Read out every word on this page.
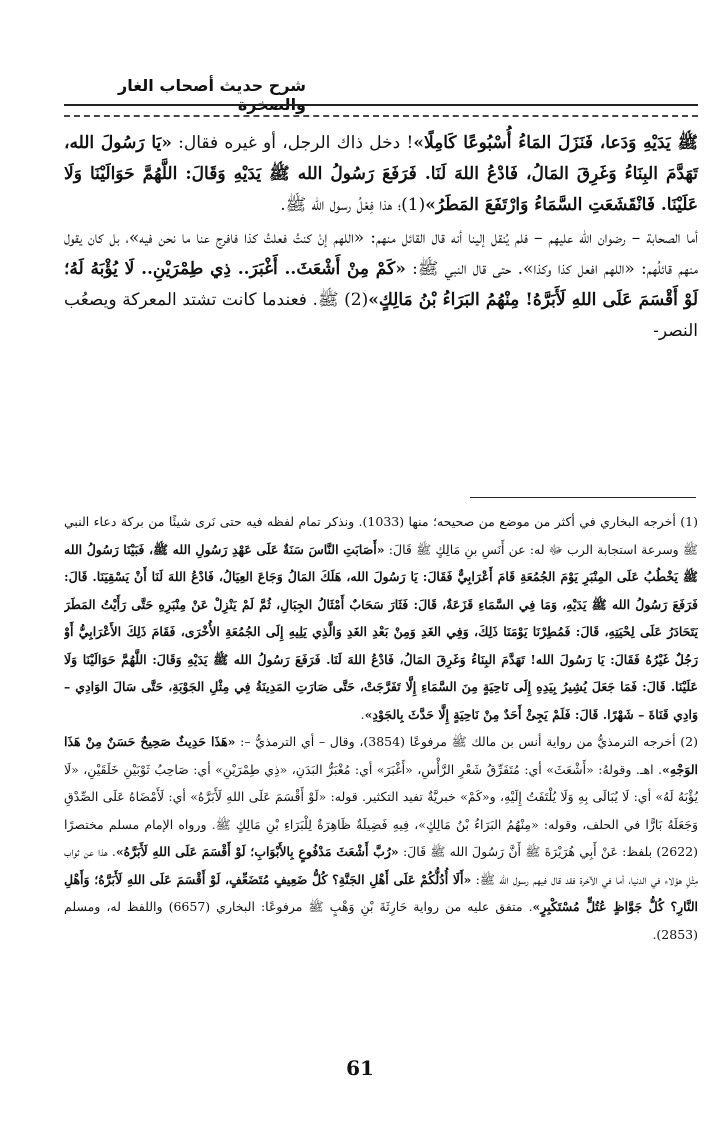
شرح حديث أصحاب الغار والصخرة

ﷺ يَدَيْهِ وَدَعا، فَنَزَلَ المَاءُ أُسْبُوعًا كَامِلًا»! دخل ذاك الرجل، أو غيره فقال: «يَا رَسُولَ الله، تَهَدَّمَ البِنَاءُ وَغَرِقَ المَالُ، فَادْعُ اللهَ لَنَا. فَرَفَعَ رَسُولُ الله ﷺ يَدَيْهِ وَقَالَ: اللَّهُمَّ حَوَالَيْنَا وَلَا عَلَيْنَا. فَانْقَشَعَتِ السَّمَاءُ وَارْتَفَعَ المَطَرُ»(1)؛ هذا فِعْلُ رسول الله ﷺ.

أما الصحابة – رضوان الله عليهم – فلم يُنقل إلينا أنه قال القائل منهم: «اللهم إنْ كنتُ فعلتُ كذا فافرج عنا ما نحن فيه»، بل كان يقول منهم قائلُهم: «اللهم افعل كذا وكذا». حتى قال النبي ﷺ: «كَمْ مِنْ أَشْعَثَ.. أَغْبَرَ.. ذِي طِمْرَيْنِ.. لَا يُؤْبَهُ لَهُ؛ لَوْ أَقْسَمَ عَلَى اللهِ لَأَبَرَّهُ! مِنْهُمُ البَرَاءُ بْنُ مَالِكٍ»(2) ﷺ. فعندما كانت تشتد المعركة ويصعُب النصر-

(1) أخرجه البخاري في أكثر من موضع من صحيحه؛ منها (1033). ونذكر تمام لفظه فيه حتى نَرى شيئًا من بركة دعاء النبي ﷺ وسرعة استجابة الرب ﷻ له: عن أَنَسِ بنِ مَالِكٍ ﷺ قَالَ: «أَصَابَتِ النَّاسَ سَنَةٌ عَلَى عَهْدِ رَسُولِ الله ﷺ، فَبَيْنَا رَسُولُ الله ﷺ يَخْطُبُ عَلَى المِنْبَرِ يَوْمَ الجُمُعَةِ قَامَ أَعْرَابِيٌّ فَقَالَ: يَا رَسُولَ الله، هَلَكَ المَالُ وَجَاعَ العِيَالُ، فَادْعُ اللهَ لَنَا أَنْ يَسْقِيَنَا. قَالَ: فَرَفَعَ رَسُولُ الله ﷺ يَدَيْهِ، وَمَا فِي السَّمَاءِ قَزَعَةٌ، قَالَ: فَثَارَ سَحَابٌ أَمْثَالُ الجِبَالِ، ثُمَّ لَمْ يَنْزِلْ عَنْ مِنْبَرِهِ حَتَّى رَأَيْتُ المَطَرَ يَتَحَادَرُ عَلَى لِحْيَتِهِ، قَالَ: فَمُطِرْنَا يَوْمَنَا ذَلِكَ، وَفِي الغَدِ وَمِنْ بَعْدِ الغَدِ وَالَّذِي يَلِيهِ إِلَى الجُمُعَةِ الأُخْرَى، فَقَامَ ذَلِكَ الأَعْرَابِيُّ أَوْ رَجُلٌ غَيْرُهُ فَقَالَ: يَا رَسُولَ الله! تَهَدَّمَ البِنَاءُ وَغَرِقَ المَالُ، فَادْعُ اللهَ لَنَا. فَرَفَعَ رَسُولُ الله ﷺ يَدَيْهِ وَقَالَ: اللَّهُمَّ حَوَالَيْنَا وَلَا عَلَيْنَا. قَالَ: فَمَا جَعَلَ يُشِيرُ بِيَدِهِ إِلَى نَاحِيَةٍ مِنَ السَّمَاءِ إِلَّا تَفَرَّجَتْ، حَتَّى صَارَتِ المَدِينَةُ فِي مِثْلِ الجَوْبَةِ، حَتَّى سَالَ الوَادِي – وَادِي قَنَاةَ – شَهْرًا. قَالَ: فَلَمْ يَجِئْ أَحَدٌ مِنْ نَاحِيَةٍ إِلَّا حَدَّثَ بِالجَوْدِ».

(2) أخرجه الترمذيُّ من رواية أنس بن مالك ﷺ مرفوعًا (3854)، وقال – أي الترمذيُّ –: «هَذَا حَدِيثٌ صَحِيحٌ حَسَنٌ مِنْ هَذَا الوَجْهِ». اهـ. وقولهُ: «أَشْعَثَ» أي: مُتَفَرِّقُ شَعْرِ الرَّأْسِ، «أَغْبَرَ» أي: مُغْبَرُّ البَدَنِ، «ذِي طِمْرَيْنِ» أي: صَاحِبُ ثَوْبَيْنِ خَلَقَيْنِ، «لَا يُؤْبَهُ لَهُ» أي: لَا يُبَالَى بِهِ وَلَا يُلْتَفَتُ إِلَيْهِ، و«كَمْ» خبريَّةٌ تفيد التكثير. قوله: «لَوْ أَقْسَمَ عَلَى اللهِ لَأَبَرَّهُ» أي: لَأَمْضَاهُ عَلَى الصِّدْقِ وَجَعَلَهُ بَارًّا في الحلف، وقوله: «مِنْهُمُ البَرَاءُ بْنُ مَالِكٍ»، فِيهِ فَضِيلَةٌ ظَاهِرَةٌ لِلْبَرَاءِ بْنِ مَالِكٍ ﷺ. ورواه الإمام مسلم مختصرًا (2622) بلفظ: عَنْ أَبِي هُرَيْرَةَ ﷺ أَنَّ رَسُولَ الله ﷺ قَالَ: «رُبَّ أَشْعَثَ مَدْفُوعٍ بِالأَبْوَابِ؛ لَوْ أَقْسَمَ عَلَى اللهِ لَأَبَرَّهُ». هذا عن ثواب مِثْلِ هؤلاء في الدنيا، أما في الآخرة فقد قال فيهم رسول الله ﷺ: «أَلَا أُدُلُّكُمْ عَلَى أَهْلِ الجَنَّةِ؟ كُلُّ ضَعِيفٍ مُتَضَعِّفٍ، لَوْ أَقْسَمَ عَلَى اللهِ لَأَبَرَّهُ؛ وَأَهْلِ النَّارِ؟ كُلُّ جَوَّاظٍ عُتُلٍّ مُسْتَكْبِرٍ». متفق عليه من رواية حَارِثَةَ بْنِ وَهْبٍ ﷺ مرفوعًا: البخاري (6657) واللفظ له، ومسلم (2853).

61
